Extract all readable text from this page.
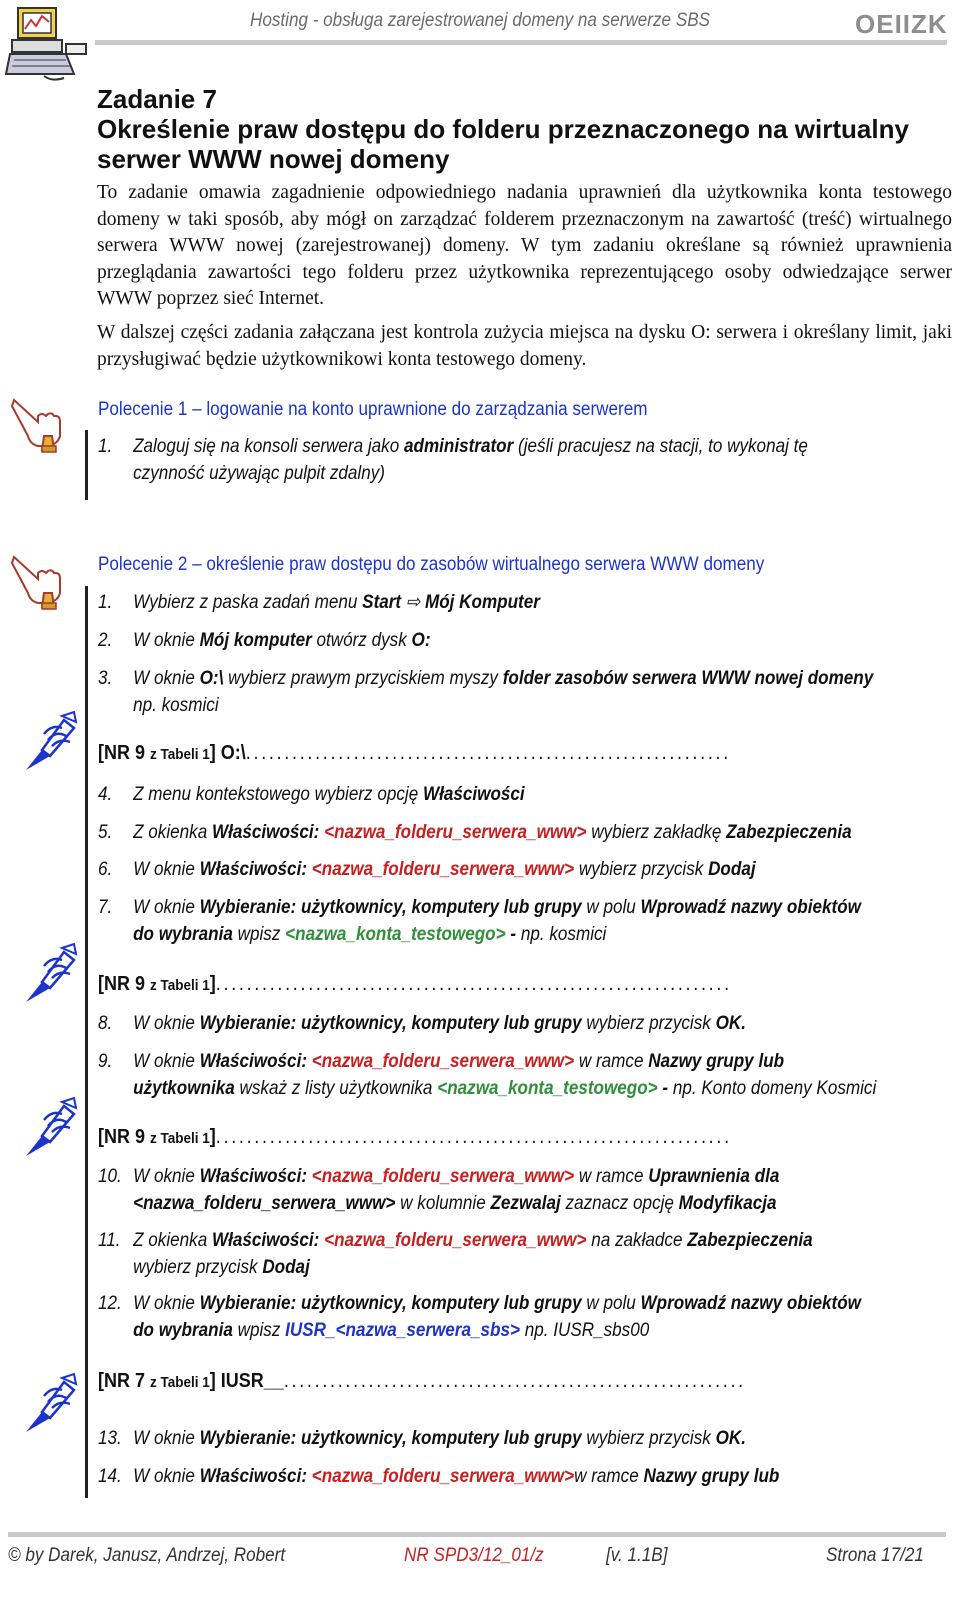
Hosting - obsługa zarejestrowanej domeny na serwerze SBS	OEIIZK
Zadanie 7
Określenie praw dostępu do folderu przeznaczonego na wirtualny
serwer WWW nowej domeny
To zadanie omawia zagadnienie odpowiedniego nadania uprawnień dla użytkownika konta testowego domeny w taki sposób, aby mógł on zarządzać folderem przeznaczonym na zawartość (treść) wirtualnego serwera WWW nowej (zarejestrowanej) domeny. W tym zadaniu określane są również uprawnienia przeglądania zawartości tego folderu przez użytkownika reprezentującego osoby odwiedzające serwer WWW poprzez sieć Internet.
W dalszej części zadania załączana jest kontrola zużycia miejsca na dysku O: serwera i określany limit, jaki przysługiwać będzie użytkownikowi konta testowego domeny.
Polecenie 1 – logowanie na konto uprawnione do zarządzania serwerem
1. Zaloguj się na konsoli serwera jako administrator (jeśli pracujesz na stacji, to wykonaj tę
czynność używając pulpit zdalny)
Polecenie 2 – określenie praw dostępu do zasobów wirtualnego serwera WWW domeny
1. Wybierz z paska zadań menu Start ⇨ Mój Komputer
2. W oknie Mój komputer otwórz dysk O:
3. W oknie O:\ wybierz prawym przyciskiem myszy folder zasobów serwera WWW nowej domeny
np. kosmici
[NR 9 z Tabeli 1] O:\...............................................................
4. Z menu kontekstowego wybierz opcję Właściwości
5. Z okienka Właściwości: <nazwa_folderu_serwera_www> wybierz zakładkę Zabezpieczenia
6. W oknie Właściwości: <nazwa_folderu_serwera_www> wybierz przycisk Dodaj
7. W oknie Wybieranie: użytkownicy, komputery lub grupy w polu Wprowadź nazwy obiektów
do wybrania wpisz <nazwa_konta_testowego> - np. kosmici
[NR 9 z Tabeli 1]...................................................................
8. W oknie Wybieranie: użytkownicy, komputery lub grupy wybierz przycisk OK.
9. W oknie Właściwości: <nazwa_folderu_serwera_www> w ramce Nazwy grupy lub
użytkownika wskaż z listy użytkownika <nazwa_konta_testowego> - np. Konto domeny Kosmici
[NR 9 z Tabeli 1]...................................................................
10. W oknie Właściwości: <nazwa_folderu_serwera_www> w ramce Uprawnienia dla
<nazwa_folderu_serwera_www> w kolumnie Zezwalaj zaznacz opcję Modyfikacja
11. Z okienka Właściwości: <nazwa_folderu_serwera_www> na zakładce Zabezpieczenia
wybierz przycisk Dodaj
12. W oknie Wybieranie: użytkownicy, komputery lub grupy w polu Wprowadź nazwy obiektów
do wybrania wpisz IUSR_<nazwa_serwera_sbs> np. IUSR_sbs00
[NR 7 z Tabeli 1] IUSR__............................................................
13. W oknie Wybieranie: użytkownicy, komputery lub grupy wybierz przycisk OK.
14. W oknie Właściwości: <nazwa_folderu_serwera_www>w ramce Nazwy grupy lub
© by Darek, Janusz, Andrzej, Robert	NR SPD3/12_01/z	[v. 1.1B]	Strona 17/21
